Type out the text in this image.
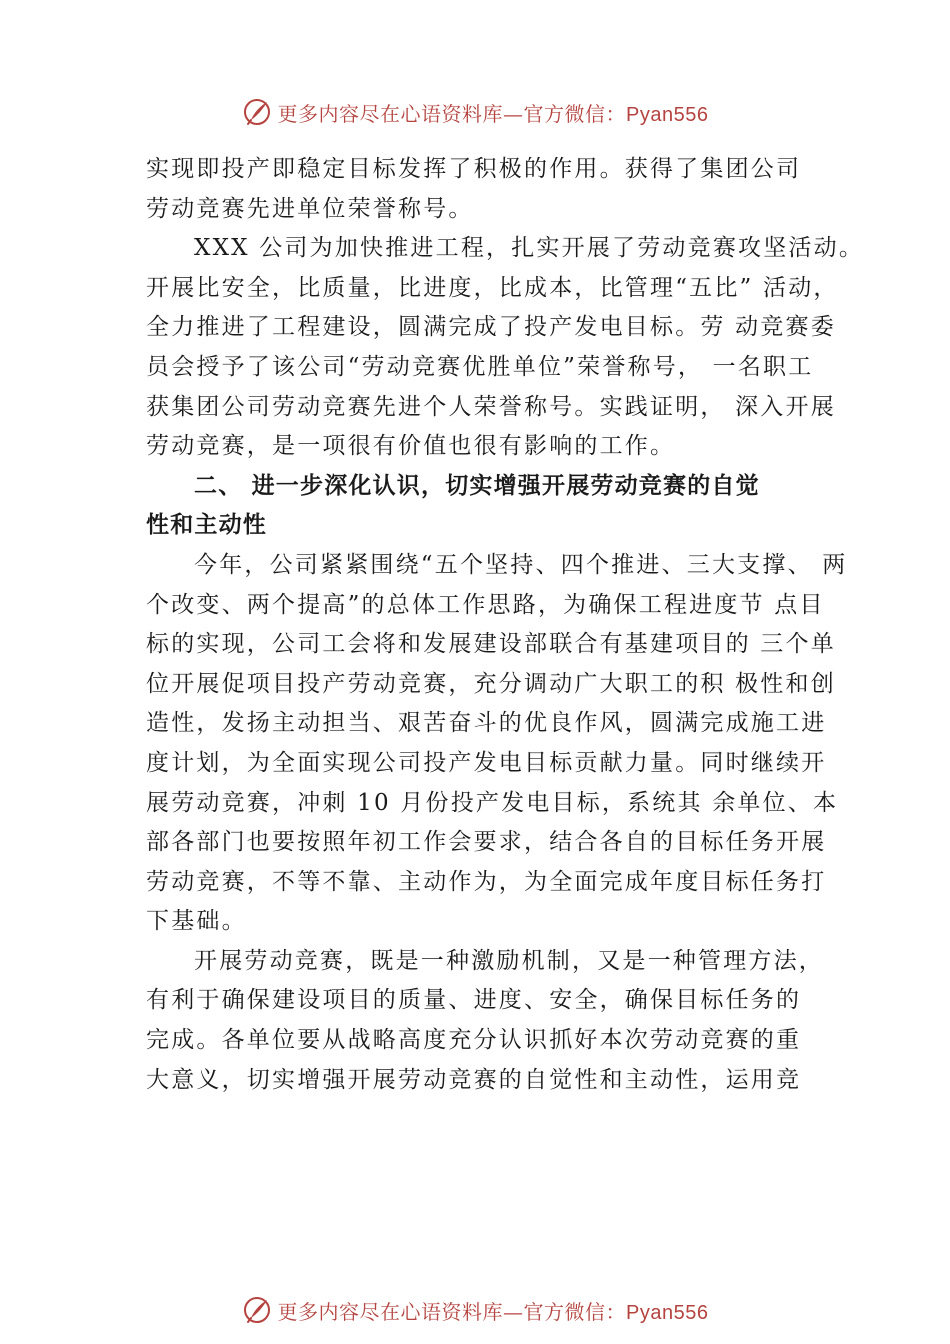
更多内容尽在心语资料库—官方微信：Pyan556
实现即投产即稳定目标发挥了积极的作用。获得了集团公司
劳动竞赛先进单位荣誉称号。
XXX 公司为加快推进工程，扎实开展了劳动竞赛攻坚活动。
开展比安全，比质量，比进度，比成本，比管理“五比” 活动，
全力推进了工程建设，圆满完成了投产发电目标。劳 动竞赛委
员会授予了该公司“劳动竞赛优胜单位”荣誉称号， 一名职工
获集团公司劳动竞赛先进个人荣誉称号。实践证明， 深入开展
劳动竞赛，是一项很有价值也很有影响的工作。
二、 进一步深化认识，切实增强开展劳动竞赛的自觉
性和主动性
今年，公司紧紧围绕“五个坚持、四个推进、三大支撑、 两
个改变、两个提高”的总体工作思路，为确保工程进度节 点目
标的实现，公司工会将和发展建设部联合有基建项目的 三个单
位开展促项目投产劳动竞赛，充分调动广大职工的积 极性和创
造性，发扬主动担当、艰苦奋斗的优良作风，圆满完成施工进
度计划，为全面实现公司投产发电目标贡献力量。同时继续开
展劳动竞赛，冲刺 10 月份投产发电目标，系统其 余单位、本
部各部门也要按照年初工作会要求，结合各自的目标任务开展
劳动竞赛，不等不靠、主动作为，为全面完成年度目标任务打
下基础。
开展劳动竞赛，既是一种激励机制，又是一种管理方法，
有利于确保建设项目的质量、进度、安全，确保目标任务的
完成。各单位要从战略高度充分认识抓好本次劳动竞赛的重
大意义，切实增强开展劳动竞赛的自觉性和主动性，运用竞
更多内容尽在心语资料库—官方微信：Pyan556
